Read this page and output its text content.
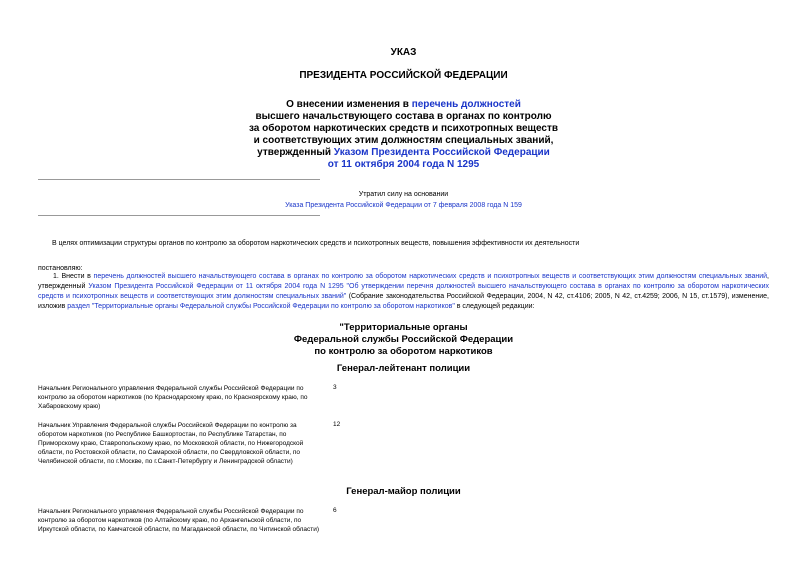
УКАЗ
ПРЕЗИДЕНТА РОССИЙСКОЙ ФЕДЕРАЦИИ
О внесении изменения в перечень должностей
высшего начальствующего состава в органах по контролю
за оборотом наркотических средств и психотропных веществ
и соответствующих этим должностям специальных званий,
утвержденный Указом Президента Российской Федерации
от 11 октября 2004 года N 1295
Утратил силу на основании
Указа Президента Российской Федерации от 7 февраля 2008 года N 159
В целях оптимизации структуры органов по контролю за оборотом наркотических средств и психотропных веществ, повышения эффективности их деятельности
постановляю:
1. Внести в перечень должностей высшего начальствующего состава в органах по контролю за оборотом наркотических средств и психотропных веществ и соответствующих этим должностям специальных званий, утвержденный Указом Президента Российской Федерации от 11 октября 2004 года N 1295 "Об утверждении перечня должностей высшего начальствующего состава в органах по контролю за оборотом наркотических средств и психотропных веществ и соответствующих этим должностям специальных званий" (Собрание законодательства Российской Федерации, 2004, N 42, ст.4106; 2005, N 42, ст.4259; 2006, N 15, ст.1579), изменение, изложив раздел "Территориальные органы Федеральной службы Российской Федерации по контролю за оборотом наркотиков" в следующей редакции:
"Территориальные органы
Федеральной службы Российской Федерации
по контролю за оборотом наркотиков
Генерал-лейтенант полиции
Начальник Регионального управления Федеральной службы Российской Федерации по контролю за оборотом наркотиков (по Краснодарскому краю, по Красноярскому краю, по Хабаровскому краю)
3
Начальник Управления Федеральной службы Российской Федерации по контролю за оборотом наркотиков (по Республике Башкортостан, по Республике Татарстан, по Приморскому краю, Ставропольскому краю, по Московской области, по Нижегородской области, по Ростовской области, по Самарской области, по Свердловской области, по Челябинской области, по г.Москве, по г.Санкт-Петербургу и Ленинградской области)
12
Генерал-майор полиции
Начальник Регионального управления Федеральной службы Российской Федерации по контролю за оборотом наркотиков (по Алтайскому краю, по Архангельской области, по Иркутской области, по Камчатской области, по Магаданской области, по Читинской области)
6
